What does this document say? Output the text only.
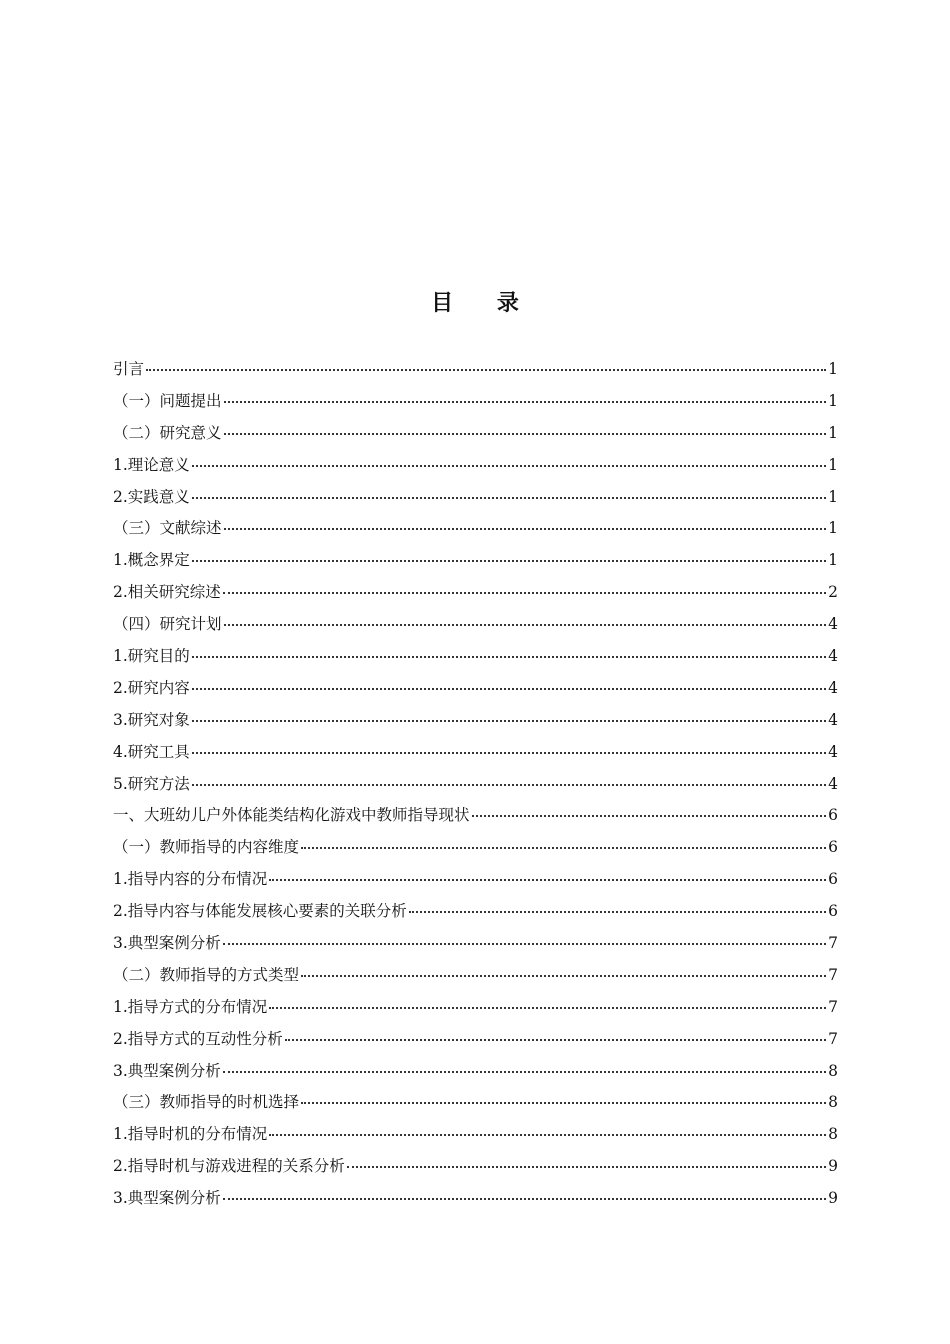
目 录
引言	1
（一）问题提出	1
（二）研究意义	1
1.理论意义	1
2.实践意义	1
（三）文献综述	1
1.概念界定	1
2.相关研究综述	2
（四）研究计划	4
1.研究目的	4
2.研究内容	4
3.研究对象	4
4.研究工具	4
5.研究方法	4
一、大班幼儿户外体能类结构化游戏中教师指导现状	6
（一）教师指导的内容维度	6
1.指导内容的分布情况	6
2.指导内容与体能发展核心要素的关联分析	6
3.典型案例分析	7
（二）教师指导的方式类型	7
1.指导方式的分布情况	7
2.指导方式的互动性分析	7
3.典型案例分析	8
（三）教师指导的时机选择	8
1.指导时机的分布情况	8
2.指导时机与游戏进程的关系分析	9
3.典型案例分析	9
